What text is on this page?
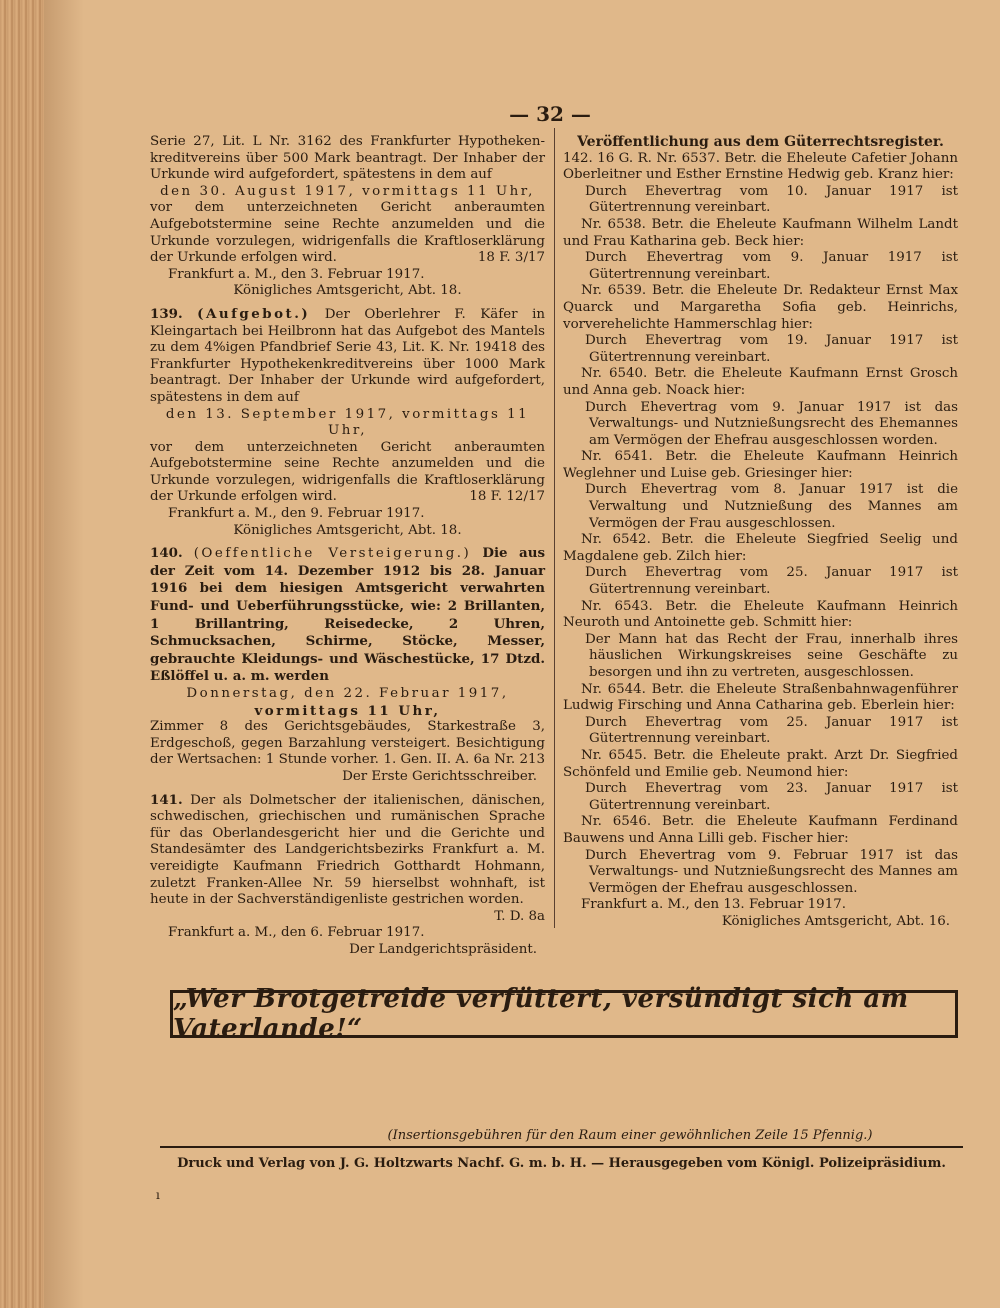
— 32 —

Serie 27, Lit. L Nr. 3162 des Frankfurter Hypotheken-kreditvereins über 500 Mark beantragt. Der Inhaber der Urkunde wird aufgefordert, spätestens in dem auf

den 30. August 1917, vormittags 11 Uhr,

vor dem unterzeichneten Gericht anberaumten Aufgebotstermine seine Rechte anzumelden und die Urkunde vorzulegen, widrigenfalls die Kraftloserklärung der Urkunde erfolgen wird.	18 F. 3/17

Frankfurt a. M., den 3. Februar 1917.

Königliches Amtsgericht, Abt. 18.

139. (Aufgebot.) Der Oberlehrer F. Käfer in Kleingartach bei Heilbronn hat das Aufgebot des Mantels zu dem 4%igen Pfandbrief Serie 43, Lit. K. Nr. 19418 des Frankfurter Hypothekenkreditvereins über 1000 Mark beantragt. Der Inhaber der Urkunde wird aufgefordert, spätestens in dem auf

den 13. September 1917, vormittags 11 Uhr,

vor dem unterzeichneten Gericht anberaumten Aufgebotstermine seine Rechte anzumelden und die Urkunde vorzulegen, widrigenfalls die Kraftloserklärung der Urkunde erfolgen wird.	18 F. 12/17

Frankfurt a. M., den 9. Februar 1917.

Königliches Amtsgericht, Abt. 18.

140. (Oeffentliche Versteigerung.) Die aus der Zeit vom 14. Dezember 1912 bis 28. Januar 1916 bei dem hiesigen Amtsgericht verwahrten Fund- und Ueberführungsstücke, wie: 2 Brillanten, 1 Brillantring, Reisedecke, 2 Uhren, Schmucksachen, Schirme, Stöcke, Messer, gebrauchte Kleidungs- und Wäschestücke, 17 Dtzd. Eßlöffel u. a. m. werden

Donnerstag, den 22. Februar 1917,

vormittags 11 Uhr,

Zimmer 8 des Gerichtsgebäudes, Starkestraße 3, Erdgeschoß, gegen Barzahlung versteigert. Besichtigung der Wertsachen: 1 Stunde vorher. 1. Gen. II. A. 6a Nr. 213

Der Erste Gerichtsschreiber.

141. Der als Dolmetscher der italienischen, dänischen, schwedischen, griechischen und rumänischen Sprache für das Oberlandesgericht hier und die Gerichte und Standesämter des Landgerichtsbezirks Frankfurt a. M. vereidigte Kaufmann Friedrich Gotthardt Hohmann, zuletzt Franken-Allee Nr. 59 hierselbst wohnhaft, ist heute in der Sachverständigenliste gestrichen worden.
T. D. 8a

Frankfurt a. M., den 6. Februar 1917.

Der Landgerichtspräsident.

Veröffentlichung aus dem Güterrechtsregister.

142. 16 G. R. Nr. 6537. Betr. die Eheleute Cafetier Johann Oberleitner und Esther Ernstine Hedwig geb. Kranz hier:

Durch Ehevertrag vom 10. Januar 1917 ist Gütertrennung vereinbart.

Nr. 6538. Betr. die Eheleute Kaufmann Wilhelm Landt und Frau Katharina geb. Beck hier:

Durch Ehevertrag vom 9. Januar 1917 ist Gütertrennung vereinbart.

Nr. 6539. Betr. die Eheleute Dr. Redakteur Ernst Max Quarck und Margaretha Sofia geb. Heinrichs, vorverehelichte Hammerschlag hier:

Durch Ehevertrag vom 19. Januar 1917 ist Gütertrennung vereinbart.

Nr. 6540. Betr. die Eheleute Kaufmann Ernst Grosch und Anna geb. Noack hier:

Durch Ehevertrag vom 9. Januar 1917 ist das Verwaltungs- und Nutznießungsrecht des Ehemannes am Vermögen der Ehefrau ausgeschlossen worden.

Nr. 6541. Betr. die Eheleute Kaufmann Heinrich Weglehner und Luise geb. Griesinger hier:

Durch Ehevertrag vom 8. Januar 1917 ist die Verwaltung und Nutznießung des Mannes am Vermögen der Frau ausgeschlossen.

Nr. 6542. Betr. die Eheleute Siegfried Seelig und Magdalene geb. Zilch hier:

Durch Ehevertrag vom 25. Januar 1917 ist Gütertrennung vereinbart.

Nr. 6543. Betr. die Eheleute Kaufmann Heinrich Neuroth und Antoinette geb. Schmitt hier:

Der Mann hat das Recht der Frau, innerhalb ihres häuslichen Wirkungskreises seine Geschäfte zu besorgen und ihn zu vertreten, ausgeschlossen.

Nr. 6544. Betr. die Eheleute Straßenbahnwagenführer Ludwig Firsching und Anna Catharina geb. Eberlein hier:

Durch Ehevertrag vom 25. Januar 1917 ist Gütertrennung vereinbart.

Nr. 6545. Betr. die Eheleute prakt. Arzt Dr. Siegfried Schönfeld und Emilie geb. Neumond hier:

Durch Ehevertrag vom 23. Januar 1917 ist Gütertrennung vereinbart.

Nr. 6546. Betr. die Eheleute Kaufmann Ferdinand Bauwens und Anna Lilli geb. Fischer hier:

Durch Ehevertrag vom 9. Februar 1917 ist das Verwaltungs- und Nutznießungsrecht des Mannes am Vermögen der Ehefrau ausgeschlossen.

Frankfurt a. M., den 13. Februar 1917.

Königliches Amtsgericht, Abt. 16.

„Wer Brotgetreide verfüttert, versündigt sich am Vaterlande!“
(Insertionsgebühren für den Raum einer gewöhnlichen Zeile 15 Pfennig.)
Druck und Verlag von J. G. Holtzwarts Nachf. G. m. b. H. — Herausgegeben vom Königl. Polizeipräsidium.
ı
